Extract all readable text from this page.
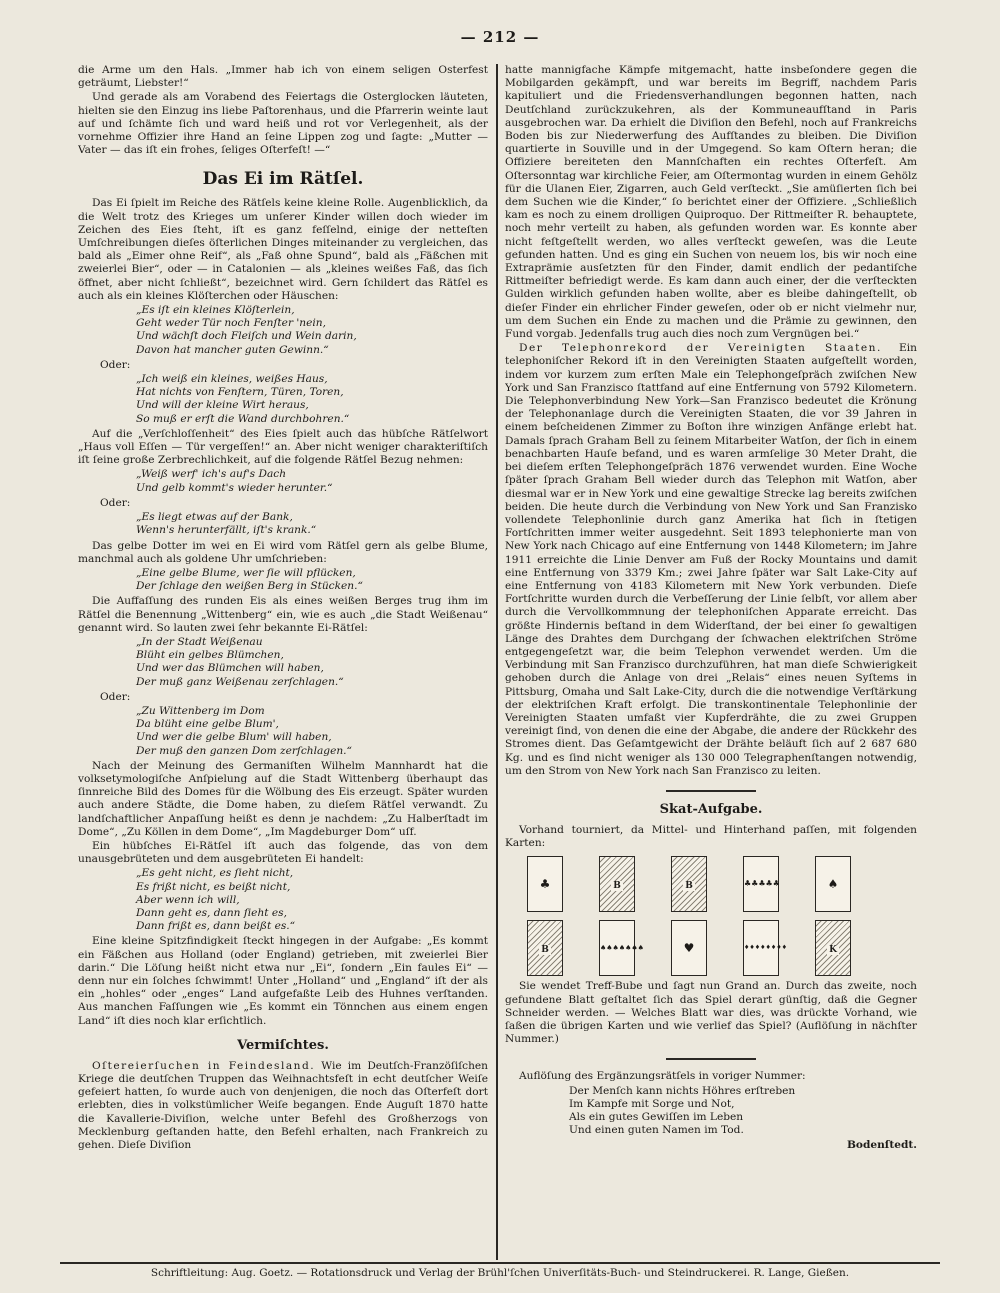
— 212 —

die Arme um den Hals. „Immer hab ich von einem seligen Osterfest geträumt, Liebster!“

Und gerade als am Vorabend des Feiertags die Osterglocken läuteten, hielten sie den Einzug ins liebe Paſtorenhaus, und die Pfarrerin weinte laut auf und ſchämte ſich und ward heiß und rot vor Verlegenheit, als der vornehme Offizier ihre Hand an ſeine Lippen zog und ſagte: „Mutter — Vater — das iſt ein frohes, ſeliges Oſterfeſt! —“

Das Ei im Rätſel.

Das Ei ſpielt im Reiche des Rätſels keine kleine Rolle. Augenblicklich, da die Welt trotz des Krieges um unſerer Kinder willen doch wieder im Zeichen des Eies ſteht, iſt es ganz feſſelnd, einige der netteſten Umſchreibungen dieſes öſterlichen Dinges miteinander zu vergleichen, das bald als „Eimer ohne Reif“, als „Faß ohne Spund“, bald als „Fäßchen mit zweierlei Bier“, oder — in Catalonien — als „kleines weißes Faß, das ſich öffnet, aber nicht ſchließt“, bezeichnet wird. Gern ſchildert das Rätſel es auch als ein kleines Klöſterchen oder Häuschen:

„Es iſt ein kleines Klöſterlein,
Geht weder Tür noch Fenſter 'nein,
Und wächſt doch Fleiſch und Wein darin,
Davon hat mancher guten Gewinn.“
Oder:
„Ich weiß ein kleines, weißes Haus,
Hat nichts von Fenſtern, Türen, Toren,
Und will der kleine Wirt heraus,
So muß er erſt die Wand durchbohren.“

Auf die „Verſchloſſenheit“ des Eies ſpielt auch das hübſche Rätſelwort „Haus voll Eſſen — Tür vergeſſen!“ an. Aber nicht weniger charakteriſtiſch iſt ſeine große Zerbrechlichkeit, auf die folgende Rätſel Bezug nehmen:

„Weiß werf' ich's auf's Dach
Und gelb kommt's wieder herunter.“
Oder:
„Es liegt etwas auf der Bank,
Wenn's herunterfällt, iſt's krank.“

Das gelbe Dotter im wei en Ei wird vom Rätſel gern als gelbe Blume, manchmal auch als goldene Uhr umſchrieben:

„Eine gelbe Blume, wer ſie will pflücken,
Der ſchlage den weißen Berg in Stücken.“

Die Auffaſſung des runden Eis als eines weißen Berges trug ihm im Rätſel die Benennung „Wittenberg“ ein, wie es auch „die Stadt Weißenau“ genannt wird. So lauten zwei ſehr bekannte Ei-Rätſel:

„In der Stadt Weißenau
Blüht ein gelbes Blümchen,
Und wer das Blümchen will haben,
Der muß ganz Weißenau zerſchlagen.“
Oder:
„Zu Wittenberg im Dom
Da blüht eine gelbe Blum',
Und wer die gelbe Blum' will haben,
Der muß den ganzen Dom zerſchlagen.“

Nach der Meinung des Germaniſten Wilhelm Mannhardt hat die volksetymologiſche Anſpielung auf die Stadt Wittenberg überhaupt das ſinnreiche Bild des Domes für die Wölbung des Eis erzeugt. Später wurden auch andere Städte, die Dome haben, zu dieſem Rätſel verwandt. Zu landſchaftlicher Anpaſſung heißt es denn je nachdem: „Zu Halberſtadt im Dome“, „Zu Köllen in dem Dome“, „Im Magdeburger Dom“ uſf.

Ein hübſches Ei-Rätſel iſt auch das folgende, das von dem unausgebrüteten und dem ausgebrüteten Ei handelt:

„Es geht nicht, es ſieht nicht,
Es frißt nicht, es beißt nicht,
Aber wenn ich will,
Dann geht es, dann ſieht es,
Dann frißt es, dann beißt es.“

Eine kleine Spitzfindigkeit ſteckt hingegen in der Aufgabe: „Es kommt ein Fäßchen aus Holland (oder England) getrieben, mit zweierlei Bier darin.“ Die Löſung heißt nicht etwa nur „Ei“, ſondern „Ein faules Ei“ — denn nur ein ſolches ſchwimmt! Unter „Holland“ und „England“ iſt der als ein „hohles“ oder „enges“ Land aufgefaßte Leib des Huhnes verſtanden. Aus manchen Faſſungen wie „Es kommt ein Tönnchen aus einem engen Land“ iſt dies noch klar erſichtlich.

Vermiſchtes.

Oſtereierſuchen in Feindesland. Wie im Deutſch-Franzöſiſchen Kriege die deutſchen Truppen das Weihnachtsfeſt in echt deutſcher Weiſe gefeiert hatten, ſo wurde auch von denjenigen, die noch das Oſterfeſt dort erlebten, dies in volkstümlicher Weiſe begangen. Ende Auguſt 1870 hatte die Kavallerie-Diviſion, welche unter Befehl des Großherzogs von Mecklenburg geſtanden hatte, den Befehl erhalten, nach Frankreich zu gehen. Dieſe Diviſion

hatte mannigfache Kämpfe mitgemacht, hatte insbeſondere gegen die Mobilgarden gekämpft, und war bereits im Begriff, nachdem Paris kapituliert und die Friedensverhandlungen begonnen hatten, nach Deutſchland zurückzukehren, als der Kommuneaufſtand in Paris ausgebrochen war. Da erhielt die Diviſion den Befehl, noch auf Frankreichs Boden bis zur Niederwerfung des Aufſtandes zu bleiben. Die Diviſion quartierte in Souville und in der Umgegend. So kam Oſtern heran; die Offiziere bereiteten den Mannſchaften ein rechtes Oſterfeſt. Am Oſtersonntag war kirchliche Feier, am Oſtermontag wurden in einem Gehölz für die Ulanen Eier, Zigarren, auch Geld verſteckt. „Sie amüſierten ſich bei dem Suchen wie die Kinder,“ ſo berichtet einer der Offiziere. „Schließlich kam es noch zu einem drolligen Quiproquo. Der Rittmeiſter R. behauptete, noch mehr verteilt zu haben, als gefunden worden war. Es konnte aber nicht feſtgeſtellt werden, wo alles verſteckt geweſen, was die Leute gefunden hatten. Und es ging ein Suchen von neuem los, bis wir noch eine Extraprämie ausſetzten für den Finder, damit endlich der pedantiſche Rittmeiſter befriedigt werde. Es kam dann auch einer, der die verſteckten Gulden wirklich gefunden haben wollte, aber es bleibe dahingeſtellt, ob dieſer Finder ein ehrlicher Finder geweſen, oder ob er nicht vielmehr nur, um dem Suchen ein Ende zu machen und die Prämie zu gewinnen, den Fund vorgab. Jedenfalls trug auch dies noch zum Vergnügen bei.“

Der Telephonrekord der Vereinigten Staaten. Ein telephoniſcher Rekord iſt in den Vereinigten Staaten aufgeſtellt worden, indem vor kurzem zum erſten Male ein Telephongeſpräch zwiſchen New York und San Franzisco ſtattfand auf eine Entfernung von 5792 Kilometern. Die Telephonverbindung New York—San Franzisco bedeutet die Krönung der Telephonanlage durch die Vereinigten Staaten, die vor 39 Jahren in einem beſcheidenen Zimmer zu Boſton ihre winzigen Anfänge erlebt hat. Damals ſprach Graham Bell zu ſeinem Mitarbeiter Watſon, der ſich in einem benachbarten Hauſe befand, und es waren armſelige 30 Meter Draht, die bei dieſem erſten Telephongeſpräch 1876 verwendet wurden. Eine Woche ſpäter ſprach Graham Bell wieder durch das Telephon mit Watſon, aber diesmal war er in New York und eine gewaltige Strecke lag bereits zwiſchen beiden. Die heute durch die Verbindung von New York und San Franzisko vollendete Telephonlinie durch ganz Amerika hat ſich in ſtetigen Fortſchritten immer weiter ausgedehnt. Seit 1893 telephonierte man von New York nach Chicago auf eine Entfernung von 1448 Kilometern; im Jahre 1911 erreichte die Linie Denver am Fuß der Rocky Mountains und damit eine Entfernung von 3379 Km.; zwei Jahre ſpäter war Salt Lake-City auf eine Entfernung von 4183 Kilometern mit New York verbunden. Dieſe Fortſchritte wurden durch die Verbeſſerung der Linie ſelbſt, vor allem aber durch die Vervollkommnung der telephoniſchen Apparate erreicht. Das größte Hindernis beſtand in dem Widerſtand, der bei einer ſo gewaltigen Länge des Drahtes dem Durchgang der ſchwachen elektriſchen Ströme entgegengeſetzt war, die beim Telephon verwendet werden. Um die Verbindung mit San Franzisco durchzuführen, hat man dieſe Schwierigkeit gehoben durch die Anlage von drei „Relais“ eines neuen Syſtems in Pittsburg, Omaha und Salt Lake-City, durch die die notwendige Verſtärkung der elektriſchen Kraft erfolgt. Die transkontinentale Telephonlinie der Vereinigten Staaten umfaßt vier Kupferdrähte, die zu zwei Gruppen vereinigt ſind, von denen die eine der Abgabe, die andere der Rückkehr des Stromes dient. Das Geſamtgewicht der Drähte beläuft ſich auf 2 687 680 Kg. und es ſind nicht weniger als 130 000 Telegraphenſtangen notwendig, um den Strom von New York nach San Franzisco zu leiten.

Skat-Aufgabe.

Vorhand tourniert, da Mittel- und Hinterhand paſſen, mit folgenden Karten:

♣	B	B	♣♣♣♣♣	♠
B	♠♠♠♠♠♠♠	♥	♦♦♦♦♦♦♦♦	K

Sie wendet Treff-Bube und ſagt nun Grand an. Durch das zweite, noch gefundene Blatt geſtaltet ſich das Spiel derart günſtig, daß die Gegner Schneider werden. — Welches Blatt war dies, was drückte Vorhand, wie ſaßen die übrigen Karten und wie verlief das Spiel? (Auflöſung in nächſter Nummer.)

Auflöſung des Ergänzungsrätſels in voriger Nummer:

Der Menſch kann nichts Höhres erſtreben
Im Kampfe mit Sorge und Not,
Als ein gutes Gewiſſen im Leben
Und einen guten Namen im Tod.
Bodenſtedt.
Schriftleitung: Aug. Goetz. — Rotationsdruck und Verlag der Brühl'ſchen Univerſitäts-Buch- und Steindruckerei. R. Lange, Gießen.
